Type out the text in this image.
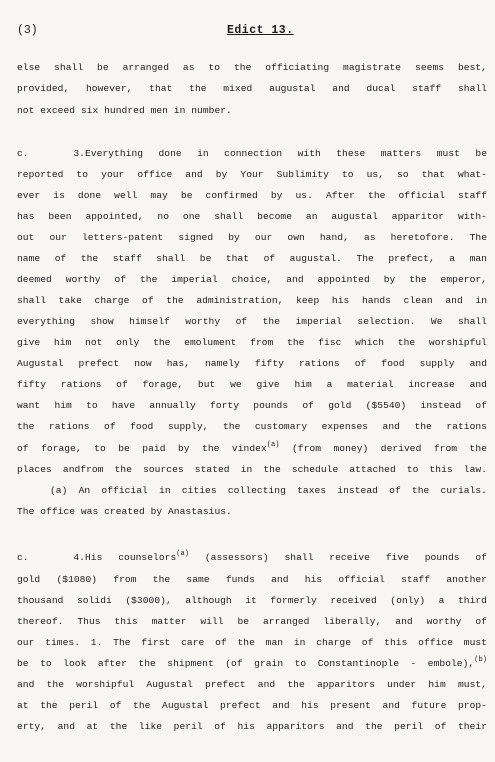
(3)	Edict 13.
else shall be arranged as to the officiating magistrate seems best,
provided, however, that the mixed augustal and ducal staff shall
not exceed six hundred men in number.
c. 3.Everything done in connection with these matters must be
reported to your office and by Your Sublimity to us, so that what-
ever is done well may be confirmed by us. After the official staff
has been appointed, no one shall become an augustal apparitor with-
out our letters-patent signed by our own hand, as heretofore. The
name of the staff shall be that of augustal. The prefect, a man
deemed worthy of the imperial choice, and appointed by the emperor,
shall take charge of the administration, keep his hands clean and in
everything show himself worthy of the imperial selection. We shall
give him not only the emolument from the fisc which the worshipful
Augustal prefect now has, namely fifty rations of food supply and
fifty rations of forage, but we give him a material increase and
want him to have annually forty pounds of gold ($5540) instead of
the rations of food supply, the customary expenses and the rations
of forage, to be paid by the vindex$^{(a)}$ (from money) derived from the
places andfrom the sources stated in the schedule attached to this law.
(a) An official in cities collecting taxes instead of the curials.
The office was created by Anastasius.
c. 4.His counselors$^{(a)}$ (assessors) shall receive five pounds of
gold ($1080) from the same funds and his official staff another
thousand solidi ($3000), although it formerly received (only) a third
thereof. Thus this matter will be arranged liberally, and worthy of
our times. 1. The first care of the man in charge of this office must
be to look after the shipment (of grain to Constantinople - embole),$^{(b)}$
and the worshipful Augustal prefect and the apparitors under him must,
at the peril of the Augustal prefect and his present and future prop-
erty, and at the like peril of his apparitors and the peril of their
